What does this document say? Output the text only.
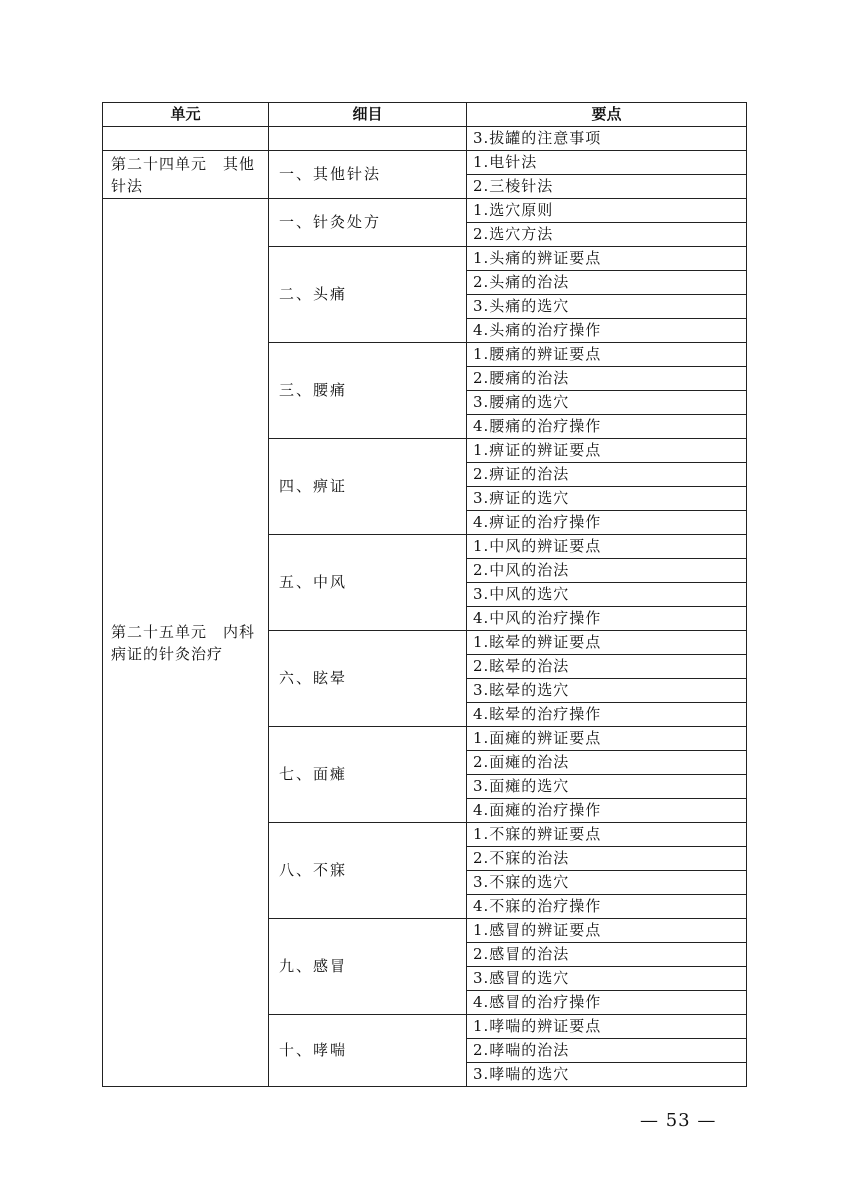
单元	细目	要点
		3.拔罐的注意事项
第二十四单元　其他针法	一、其他针法	1.电针法
		2.三棱针法
第二十五单元　内科病证的针灸治疗	一、针灸处方	1.选穴原则
		2.选穴方法
	二、头痛	1.头痛的辨证要点
		2.头痛的治法
		3.头痛的选穴
		4.头痛的治疗操作
	三、腰痛	1.腰痛的辨证要点
		2.腰痛的治法
		3.腰痛的选穴
		4.腰痛的治疗操作
	四、痹证	1.痹证的辨证要点
		2.痹证的治法
		3.痹证的选穴
		4.痹证的治疗操作
	五、中风	1.中风的辨证要点
		2.中风的治法
		3.中风的选穴
		4.中风的治疗操作
	六、眩晕	1.眩晕的辨证要点
		2.眩晕的治法
		3.眩晕的选穴
		4.眩晕的治疗操作
	七、面瘫	1.面瘫的辨证要点
		2.面瘫的治法
		3.面瘫的选穴
		4.面瘫的治疗操作
	八、不寐	1.不寐的辨证要点
		2.不寐的治法
		3.不寐的选穴
		4.不寐的治疗操作
	九、感冒	1.感冒的辨证要点
		2.感冒的治法
		3.感冒的选穴
		4.感冒的治疗操作
	十、哮喘	1.哮喘的辨证要点
		2.哮喘的治法
		3.哮喘的选穴
— 53 —
